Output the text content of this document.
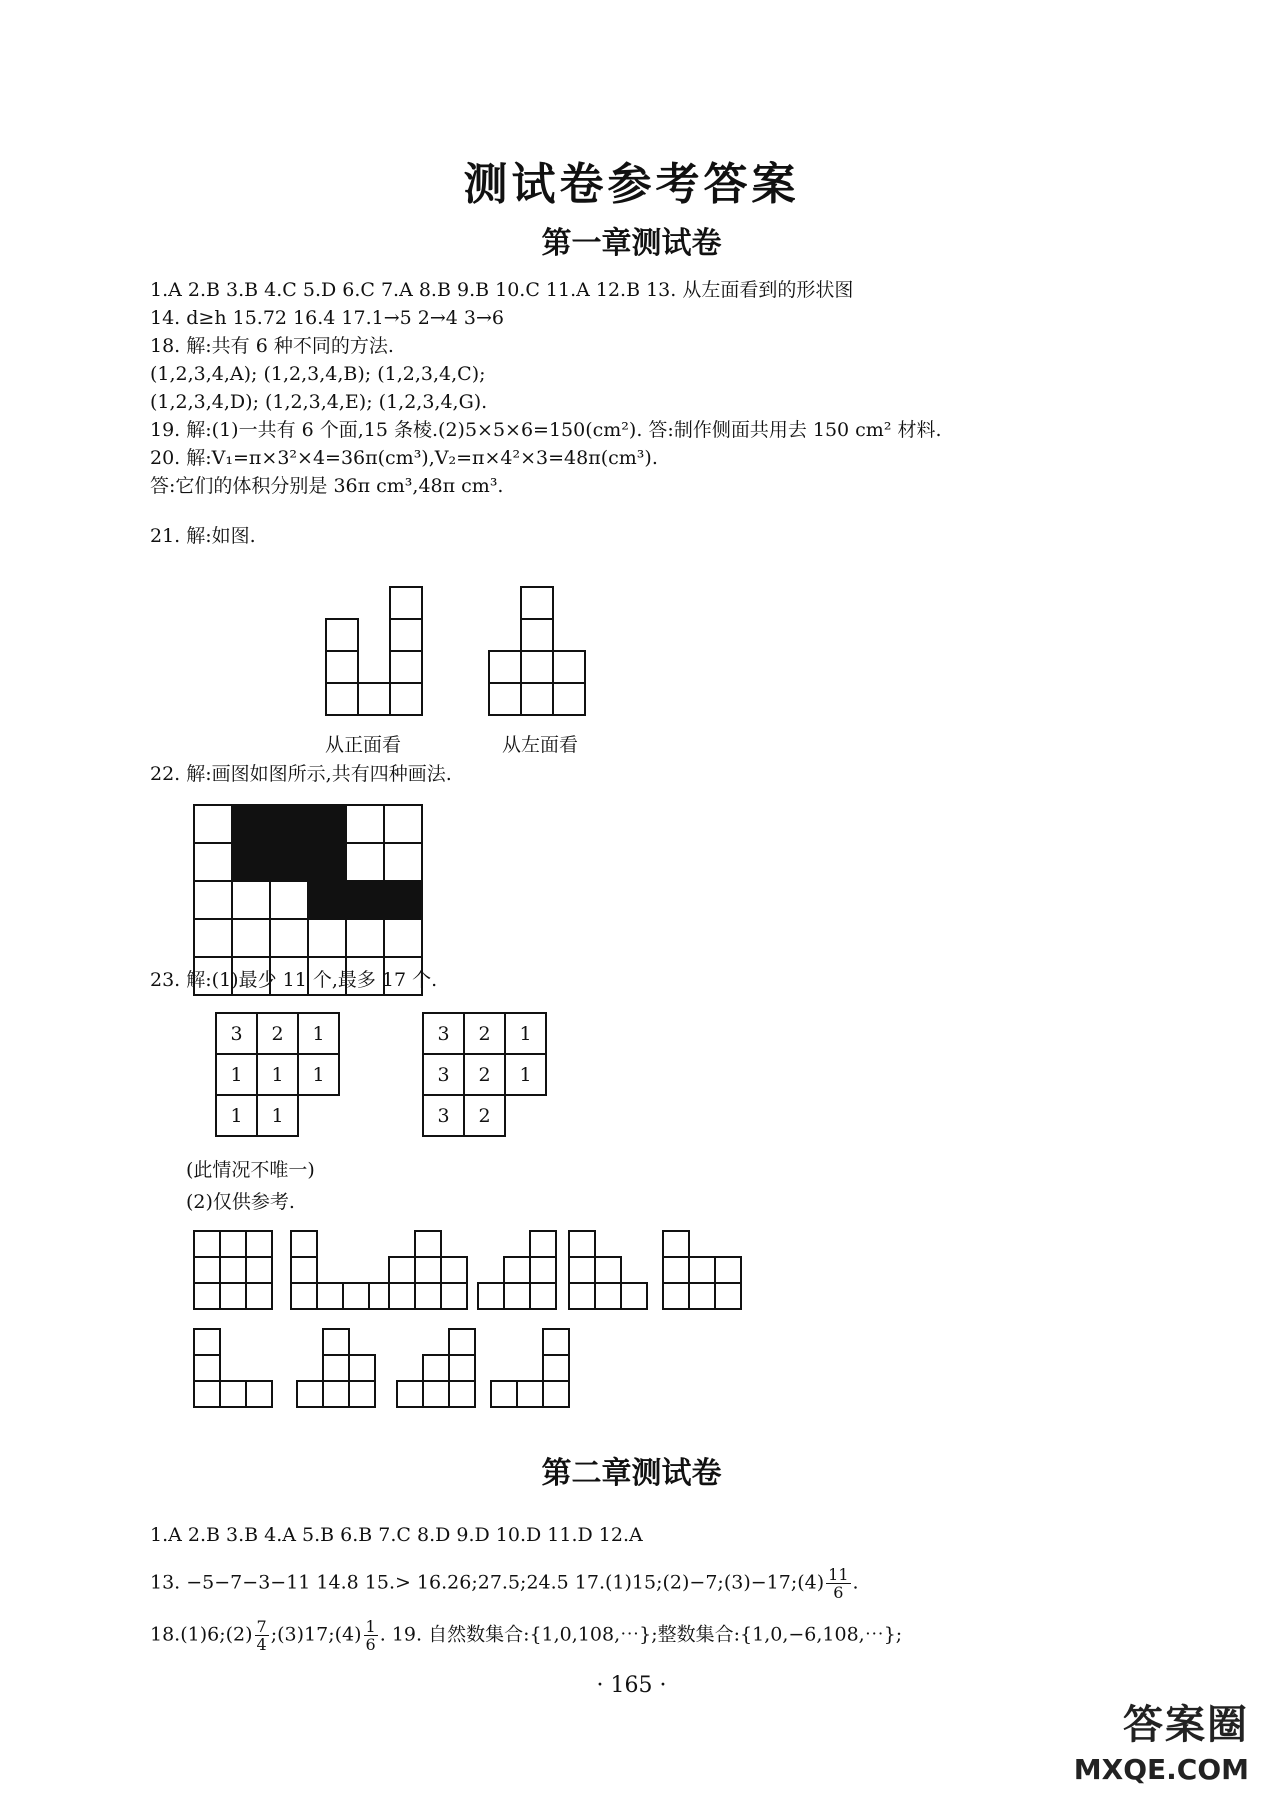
测试卷参考答案
第一章测试卷
1.A 2.B 3.B 4.C 5.D 6.C 7.A 8.B 9.B 10.C 11.A 12.B 13. 从左面看到的形状图
14. d≥h 15.72 16.4 17.1→5 2→4 3→6
18. 解:共有 6 种不同的方法.
(1,2,3,4,A); (1,2,3,4,B); (1,2,3,4,C);
(1,2,3,4,D); (1,2,3,4,E); (1,2,3,4,G).
19. 解:(1)一共有 6 个面,15 条棱.(2)5×5×6=150(cm²). 答:制作侧面共用去 150 cm² 材料.
20. 解:V₁=π×3²×4=36π(cm³),V₂=π×4²×3=48π(cm³).
答:它们的体积分别是 36π cm³,48π cm³.
21. 解:如图.
从正面看	从左面看
22. 解:画图如图所示,共有四种画法.
23. 解:(1)最少 11 个,最多 17 个.
3	2	1
1	1	1
1	1
3	2	1
3	2	1
3	2
(此情况不唯一)
(2)仅供参考.
第二章测试卷
1.A 2.B 3.B 4.A 5.B 6.B 7.C 8.D 9.D 10.D 11.D 12.A
13. −5−7−3−11 14.8 15.> 16.26;27.5;24.5 17.(1)15;(2)−7;(3)−17;(4) $\frac{11}{6}$ .
18.(1)6;(2) $\frac{7}{4}$ ;(3)17;(4) $\frac{1}{6}$ . 19. 自然数集合:{1,0,108,⋯};整数集合:{1,0,−6,108,⋯};
· 165 ·
答案圈
MXQE.COM
